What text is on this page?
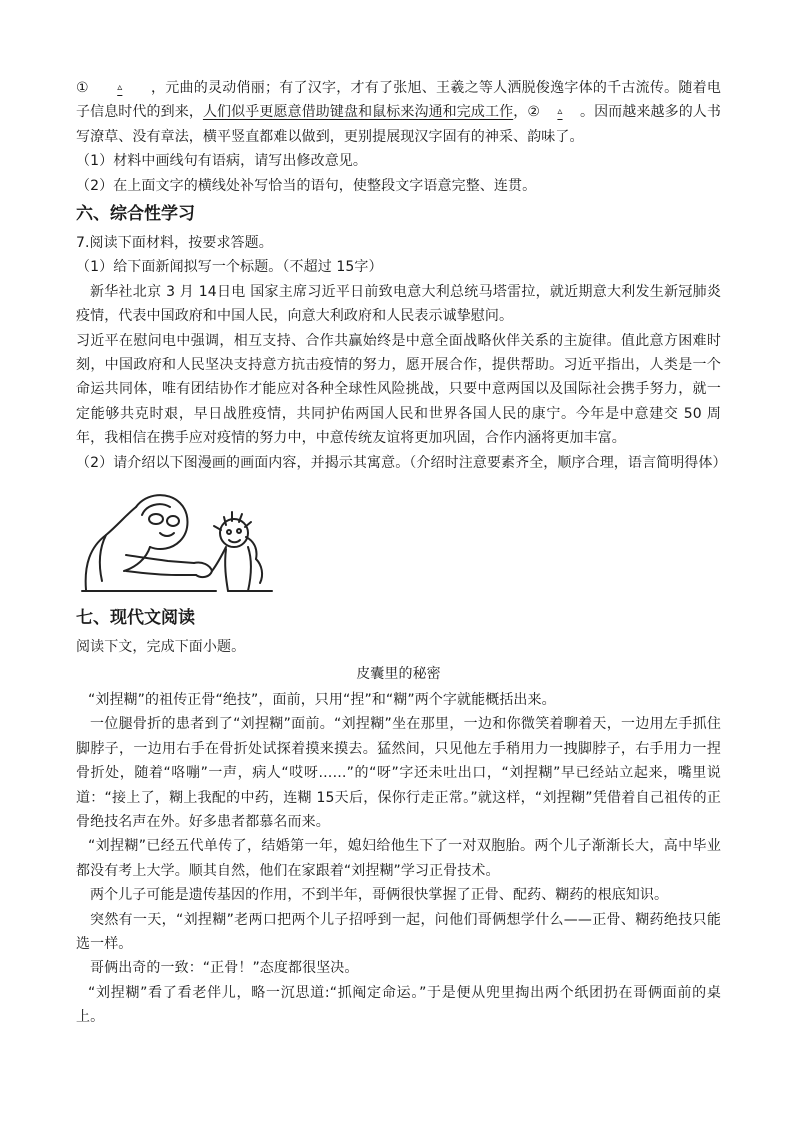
①	▵ ，元曲的灵动俏丽；有了汉字，才有了张旭、王羲之等人洒脱俊逸字体的千古流传。随着电子信息时代的到来，人们似乎更愿意借助键盘和鼠标来沟通和完成工作，② ▵ 。因而越来越多的人书写潦草、没有章法，横平竖直都难以做到，更别提展现汉字固有的神采、韵味了。

（1）材料中画线句有语病，请写出修改意见。

（2）在上面文字的横线处补写恰当的语句，使整段文字语意完整、连贯。

六、综合性学习

7.阅读下面材料，按要求答题。

（1）给下面新闻拟写一个标题。（不超过 15字）

新华社北京 3 月 14日电 国家主席习近平日前致电意大利总统马塔雷拉，就近期意大利发生新冠肺炎疫情，代表中国政府和中国人民，向意大利政府和人民表示诚挚慰问。

习近平在慰问电中强调，相互支持、合作共赢始终是中意全面战略伙伴关系的主旋律。值此意方困难时刻，中国政府和人民坚决支持意方抗击疫情的努力，愿开展合作，提供帮助。习近平指出，人类是一个命运共同体，唯有团结协作才能应对各种全球性风险挑战，只要中意两国以及国际社会携手努力，就一定能够共克时艰，早日战胜疫情，共同护佑两国人民和世界各国人民的康宁。今年是中意建交 50 周年，我相信在携手应对疫情的努力中，中意传统友谊将更加巩固，合作内涵将更加丰富。

（2）请介绍以下图漫画的画面内容，并揭示其寓意。（介绍时注意要素齐全，顺序合理，语言简明得体）

七、现代文阅读

阅读下文，完成下面小题。

皮囊里的秘密

“刘捏糊”的祖传正骨“绝技”，面前，只用“捏”和“糊”两个字就能概括出来。

一位腿骨折的患者到了“刘捏糊”面前。“刘捏糊”坐在那里，一边和你微笑着聊着天，一边用左手抓住脚脖子，一边用右手在骨折处试探着摸来摸去。猛然间，只见他左手稍用力一拽脚脖子，右手用力一捏骨折处，随着“咯嘣”一声，病人“哎呀……”的“呀”字还未吐出口，“刘捏糊”早已经站立起来，嘴里说道：“接上了，糊上我配的中药，连糊 15天后，保你行走正常。”就这样，“刘捏糊”凭借着自己祖传的正骨绝技名声在外。好多患者都慕名而来。

“刘捏糊”已经五代单传了，结婚第一年，媳妇给他生下了一对双胞胎。两个儿子渐渐长大，高中毕业都没有考上大学。顺其自然，他们在家跟着“刘捏糊”学习正骨技术。

两个儿子可能是遗传基因的作用，不到半年，哥俩很快掌握了正骨、配药、糊药的根底知识。

突然有一天，“刘捏糊”老两口把两个儿子招呼到一起，问他们哥俩想学什么——正骨、糊药绝技只能选一样。

哥俩出奇的一致：“正骨！”态度都很坚决。

“刘捏糊”看了看老伴儿，略一沉思道:“抓阄定命运。”于是便从兜里掏出两个纸团扔在哥俩面前的桌上。
